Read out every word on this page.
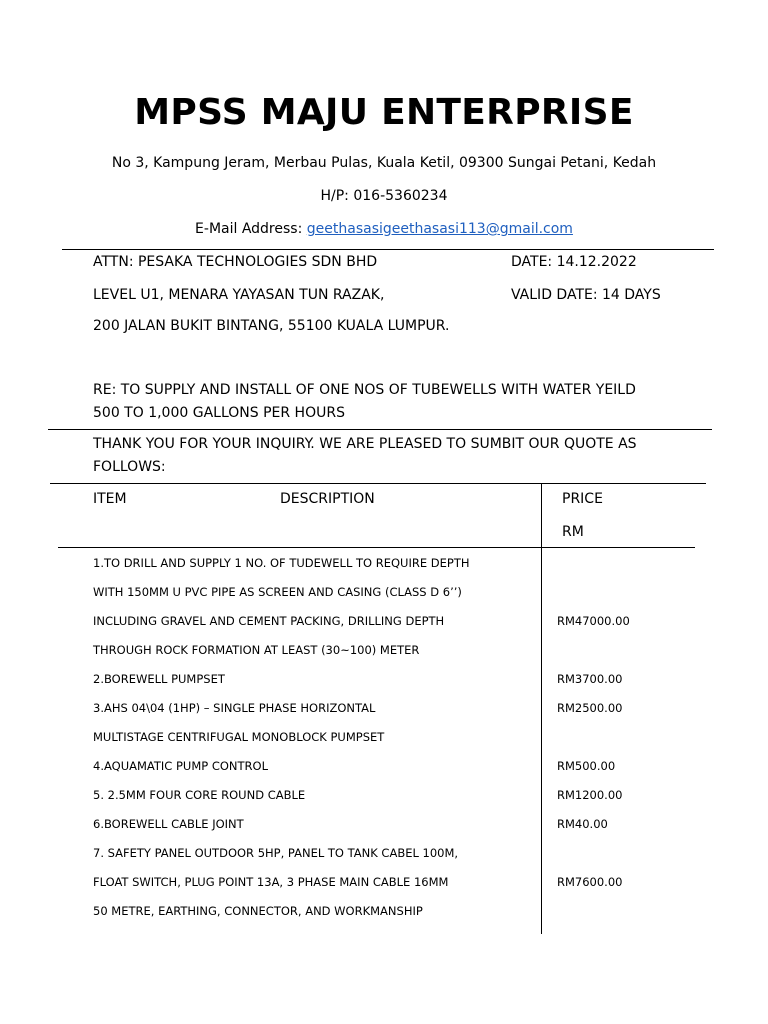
MPSS MAJU ENTERPRISE
No 3, Kampung Jeram, Merbau Pulas, Kuala Ketil, 09300 Sungai Petani, Kedah
H/P: 016-5360234
E-Mail Address: geethasasigeethasasi113@gmail.com
ATTN: PESAKA TECHNOLOGIES SDN BHD	DATE: 14.12.2022
LEVEL U1, MENARA YAYASAN TUN RAZAK,	VALID DATE: 14 DAYS
200 JALAN BUKIT BINTANG, 55100 KUALA LUMPUR.
RE: TO SUPPLY AND INSTALL OF ONE NOS OF TUBEWELLS WITH WATER YEILD
500 TO 1,000 GALLONS PER HOURS
THANK YOU FOR YOUR INQUIRY. WE ARE PLEASED TO SUMBIT OUR QUOTE AS
FOLLOWS:
ITEM	DESCRIPTION	PRICE
RM
1.TO DRILL AND SUPPLY 1 NO. OF TUDEWELL TO REQUIRE DEPTH
WITH 150MM U PVC PIPE AS SCREEN AND CASING (CLASS D 6’’)
INCLUDING GRAVEL AND CEMENT PACKING, DRILLING DEPTH	RM47000.00
THROUGH ROCK FORMATION AT LEAST (30~100) METER
2.BOREWELL PUMPSET	RM3700.00
3.AHS 04\04 (1HP) – SINGLE PHASE HORIZONTAL	RM2500.00
MULTISTAGE CENTRIFUGAL MONOBLOCK PUMPSET
4.AQUAMATIC PUMP CONTROL	RM500.00
5. 2.5MM FOUR CORE ROUND CABLE	RM1200.00
6.BOREWELL CABLE JOINT	RM40.00
7. SAFETY PANEL OUTDOOR 5HP, PANEL TO TANK CABEL 100M,
FLOAT SWITCH, PLUG POINT 13A, 3 PHASE MAIN CABLE 16MM	RM7600.00
50 METRE, EARTHING, CONNECTOR, AND WORKMANSHIP
